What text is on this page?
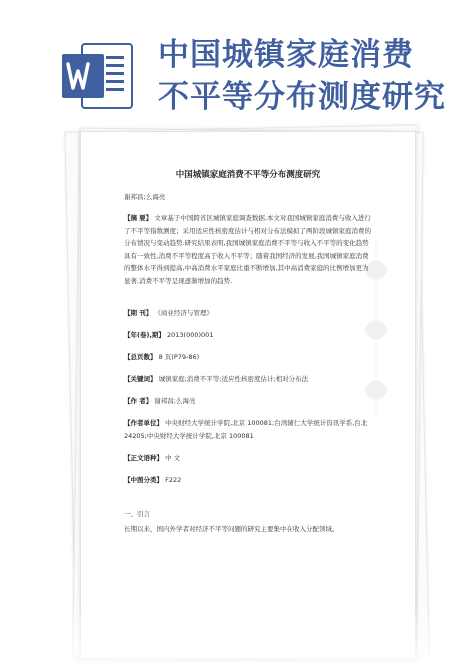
中国城镇家庭消费
不平等分布测度研究
中国城镇家庭消费不平等分布测度研究
谢邦昌;么海亮
【摘 要】 文章基于中国跨省区城镇家庭调查数据,本文对我国城镇家庭消费与收入进行了不平等指数测度；采用适应性核密度估计与相对分布法模拟了两阶段城镇家庭消费的分布情况与变动趋势.研究结果表明,我国城镇家庭消费不平等与收入不平等的变化趋势具有一致性,消费不平等程度高于收入不平等；随着我国经济的发展,我国城镇家庭消费的整体水平得到提高,中高消费水平家庭比重不断增加,其中高消费家庭的比例增加更为显著,消费不平等呈现逐渐增加的趋势.
【期 刊】 《商业经济与管理》
【年(卷),期】 2013(000)001
【总页数】 8 页(P79-86)
【关键词】 城镇家庭;消费不平等;适应性核密度估计;相对分布法
【作 者】 谢邦昌;么海亮
【作者单位】 中央财经大学统计学院,北京 100081;台湾辅仁大学统计资讯学系,台北 24205;中央财经大学统计学院,北京 100081
【正文语种】 中 文
【中图分类】 F222
一、引言
长期以来，国内外学者对经济不平等问题的研究主要集中在收入分配领域。
